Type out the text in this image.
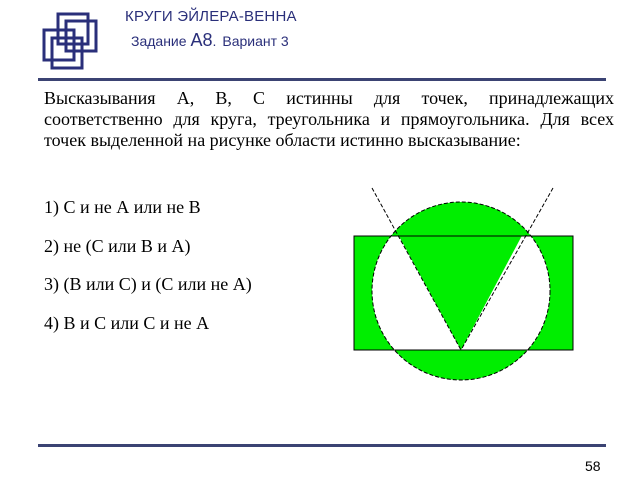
КРУГИ ЭЙЛЕРА-ВЕННА
Задание А8. Вариант 3

Высказывания А, В, С истинны для точек, принадлежащих соответственно для круга, треугольника и прямоугольника. Для всех точек выделенной на рисунке области истинно высказывание:

1) С и не А или не В
2) не (С или В и А)
3) (В или С) и (С или не А)
4) В и С или С и не А
58
